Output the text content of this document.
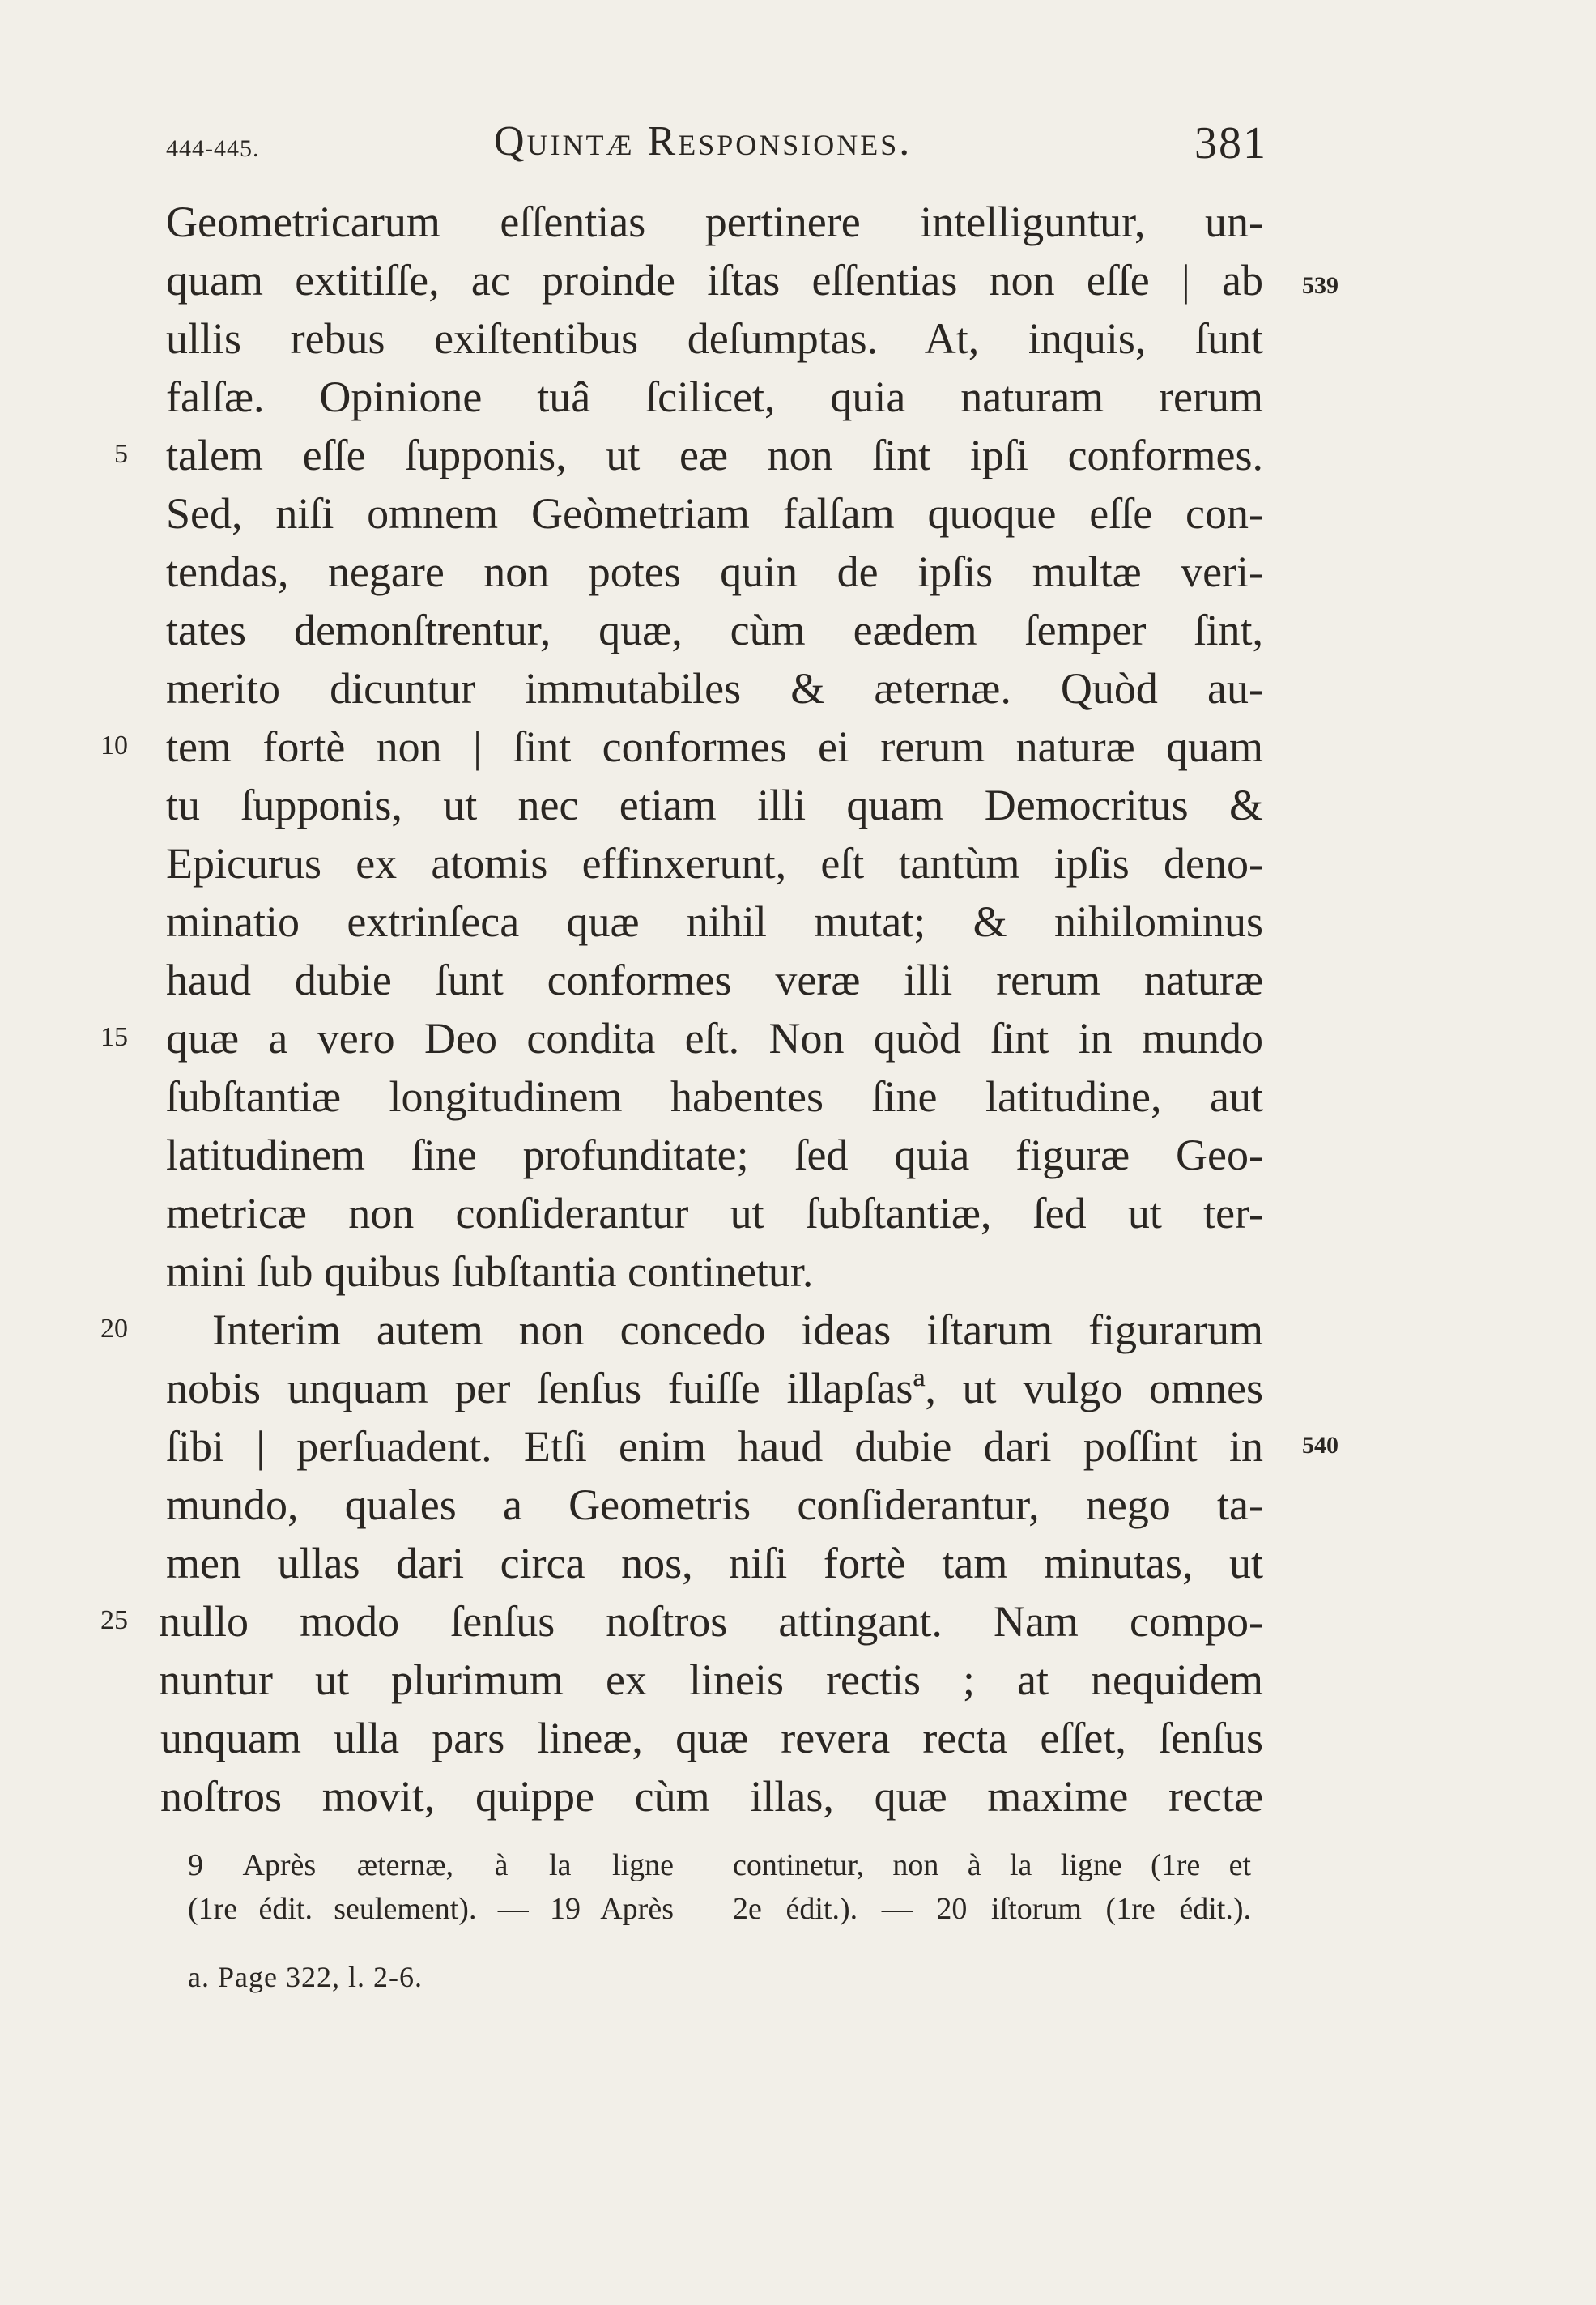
444-445.	Quintæ Responsiones.	381
Geometricarum eſſentias pertinere intelliguntur, un-
quam extitiſſe, ac proinde iſtas eſſentias non eſſe | ab
ullis rebus exiſtentibus deſumptas. At, inquis, ſunt
falſæ. Opinione tuâ ſcilicet, quia naturam rerum
talem eſſe ſupponis, ut eæ non ſint ipſi conformes.
Sed, niſi omnem Geòmetriam falſam quoque eſſe con-
tendas, negare non potes quin de ipſis multæ veri-
tates demonſtrentur, quæ, cùm eædem ſemper ſint,
merito dicuntur immutabiles & æternæ. Quòd au-
tem fortè non | ſint conformes ei rerum naturæ quam
tu ſupponis, ut nec etiam illi quam Democritus &
Epicurus ex atomis effinxerunt, eſt tantùm ipſis deno-
minatio extrinſeca quæ nihil mutat; & nihilominus
haud dubie ſunt conformes veræ illi rerum naturæ
quæ a vero Deo condita eſt. Non quòd ſint in mundo
ſubſtantiæ longitudinem habentes ſine latitudine, aut
latitudinem ſine profunditate; ſed quia figuræ Geo-
metricæ non conſiderantur ut ſubſtantiæ, ſed ut ter-
mini ſub quibus ſubſtantia continetur.
Interim autem non concedo ideas iſtarum figurarum
nobis unquam per ſenſus fuiſſe illapſasª, ut vulgo omnes
ſibi | perſuadent. Etſi enim haud dubie dari poſſint in
mundo, quales a Geometris conſiderantur, nego ta-
men ullas dari circa nos, niſi fortè tam minutas, ut
nullo modo ſenſus noſtros attingant. Nam compo-
nuntur ut plurimum ex lineis rectis ; at nequidem
unquam ulla pars lineæ, quæ revera recta eſſet, ſenſus
noſtros movit, quippe cùm illas, quæ maxime rectæ
5
10
15
20
25
539
540
9 Après æternæ, à la ligne
(1re édit. seulement). — 19 Après
continetur, non à la ligne (1re et
2e édit.). — 20 iſtorum (1re édit.).
a. Page 322, l. 2-6.
